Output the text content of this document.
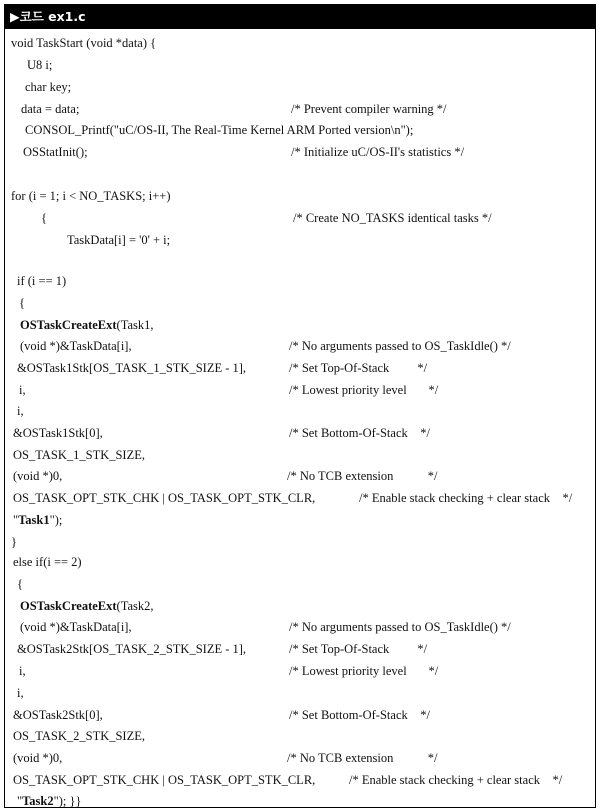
▶코드 ex1.c
void TaskStart (void *data) {
U8 i;
char key;
data = data;
CONSOL_Printf("uC/OS-II, The Real-Time Kernel ARM Ported version\n");
OSStatInit();
for (i = 1; i < NO_TASKS; i++)
{
TaskData[i] = '0' + i;
if (i == 1)
{
OSTaskCreateExt(Task1,
(void *)&TaskData[i],
&OSTask1Stk[OS_TASK_1_STK_SIZE - 1],
i,
i,
&OSTask1Stk[0],
OS_TASK_1_STK_SIZE,
(void *)0,
OS_TASK_OPT_STK_CHK | OS_TASK_OPT_STK_CLR,
"Task1");
}
else if(i == 2)
{
OSTaskCreateExt(Task2,
(void *)&TaskData[i],
&OSTask2Stk[OS_TASK_2_STK_SIZE - 1],
i,
i,
&OSTask2Stk[0],
OS_TASK_2_STK_SIZE,
(void *)0,
OS_TASK_OPT_STK_CHK | OS_TASK_OPT_STK_CLR,
"Task2"); }}
/* Prevent compiler warning */
/* Initialize uC/OS-II's statistics */
/* Create NO_TASKS identical tasks */
/* No arguments passed to OS_TaskIdle() */
/* Set Top-Of-Stack         */
/* Lowest priority level       */
/* Set Bottom-Of-Stack    */
/* No TCB extension           */
/* Enable stack checking + clear stack    */
/* No arguments passed to OS_TaskIdle() */
/* Set Top-Of-Stack         */
/* Lowest priority level       */
/* Set Bottom-Of-Stack    */
/* No TCB extension           */
/* Enable stack checking + clear stack    */
